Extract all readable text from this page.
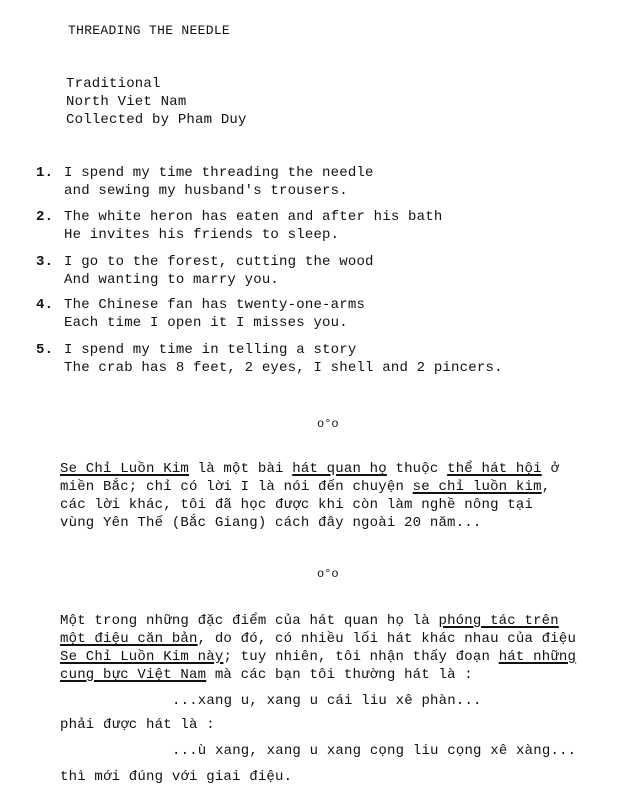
THREADING THE NEEDLE
Traditional
North Viet Nam
Collected by Pham Duy
1. I spend my time threading the needle
and sewing my husband's trousers.
2. The white heron has eaten and after his bath
He invites his friends to sleep.
3. I go to the forest, cutting the wood
And wanting to marry you.
4. The Chinese fan has twenty-one-arms
Each time I open it I misses you.
5. I spend my time in telling a story
The crab has 8 feet, 2 eyes, I shell and 2 pincers.
o°o
Se Chỉ Luồn Kim là một bài hát quan họ thuộc thể hát hội ở
miền Bắc; chỉ có lời I là nói đến chuyện se chỉ luồn kim,
các lời khác, tôi đã học được khi còn làm nghề nông tại
vùng Yên Thế (Bắc Giang) cách đây ngoài 20 năm...
o°o
Một trong những đặc điểm của hát quan họ là phóng tác trên
một điệu căn bản, do đó, có nhiều lối hát khác nhau của điệu
Se Chỉ Luồn Kim này; tuy nhiên, tôi nhận thấy đoạn hát những
cung bực Việt Nam mà các bạn tôi thường hát là :
...xang u, xang u cái liu xê phàn...
phải được hát là :
...ù xang, xang u xang cọng liu cọng xê xàng...
thì mới đúng với giai điệu.
